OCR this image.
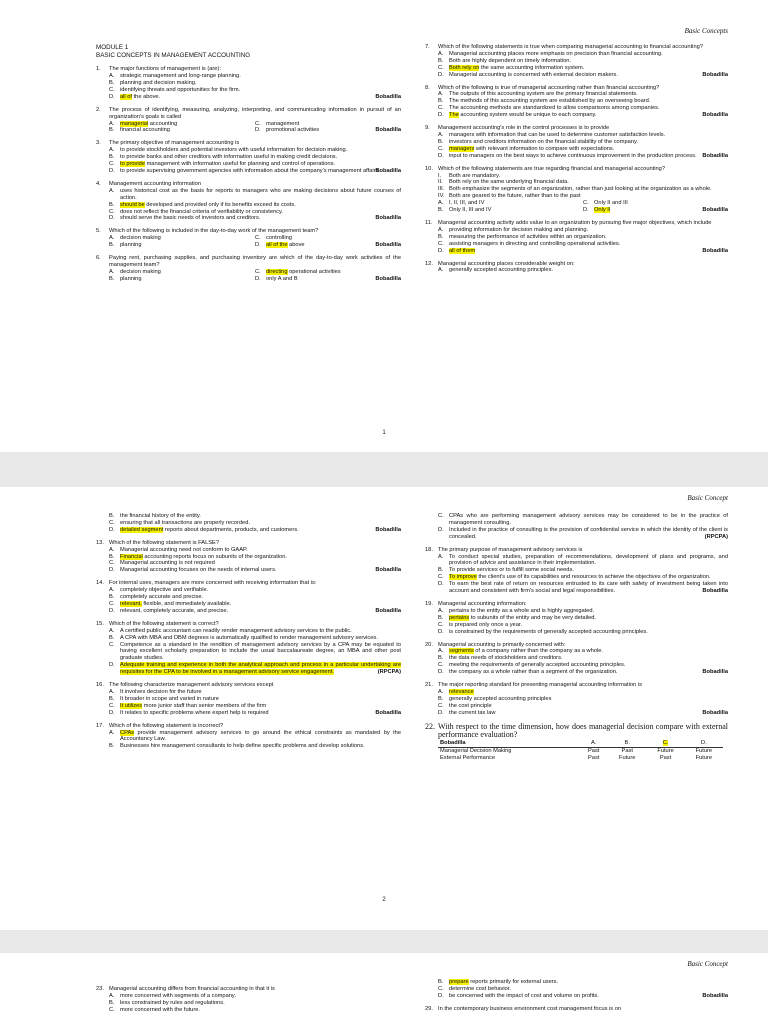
Basic Concepts
MODULE 1
BASIC CONCEPTS IN MANAGEMENT ACCOUNTING
1.	The major functions of management is (are):
A. strategic management and long-range planning.
B. planning and decision making.
C. identifying threats and opportunities for the firm.
D. all of the above.	Bobadilla
2.	The process of identifying, measuring, analyzing, interpreting, and communicating information in pursuit of an organization's goals is called
A. managerial accounting	C. management
B. financial accounting	D. promotional activities	Bobadilla
3.	The primary objective of management accounting is
A. to provide stockholders and potential investors with useful information for decision making.
B. to provide banks and other creditors with information useful in making credit decisions.
C. to provide management with information useful for planning and control of operations.
D. to provide supervising government agencies with information about the company's management affairs.
Bobadilla
4.	Management accounting information
A. uses historical cost as the basis for reports to managers who are making decisions about future courses of action.
B. should be developed and provided only if its benefits exceed its costs.
C. does not reflect the financial criteria of verifiability or consistency.
D. should serve the basic needs of investors and creditors.	Bobadilla
5.	Which of the following is included in the day-to-day work of the management team?
A. decision making	C. controlling
B. planning	D. all of the above	Bobadilla
6.	Paying rent, purchasing supplies, and purchasing inventory are which of the day-to-day work activities of the management team?
A. decision making	C. directing operational activities
B. planning	D. only A and B	Bobadilla
7.	Which of the following statements is true when comparing managerial accounting to financial accounting?
A. Managerial accounting places more emphasis on precision than financial accounting.
B. Both are highly dependent on timely information.
C. Both rely on the same accounting information system.
D. Managerial accounting is concerned with external decision makers.	Bobadilla
8.	Which of the following is true of managerial accounting rather than financial accounting?
A. The outputs of this accounting system are the primary financial statements.
B. The methods of this accounting system are established by an overseeing board.
C. The accounting methods are standardized to allow comparisons among companies.
D. The accounting system would be unique to each company.	Bobadilla
9.	Management accounting's role in the control processes is to provide
A. managers with information that can be used to determine customer satisfaction levels.
B. investors and creditors information on the financial stability of the company.
C. managers with relevant information to compare with expectations.
D. input to managers on the best ways to achieve continuous improvement in the production process.	Bobadilla
10. Which of the following statements are true regarding financial and managerial accounting?
I.	Both are mandatory.
II.	Both rely on the same underlying financial data.
III. Both emphasize the segments of an organization, rather than just looking at the organization as a whole.
IV. Both are geared to the future, rather than to the past
A. I, II, III, and IV	C. Only II and III
B. Only II, III and IV	D. Only II	Bobadilla
11. Managerial accounting activity adds value to an organization by pursuing five major objectives, which include
A. providing information for decision making and planning.
B. measuring the performance of activities within an organization.
C. assisting managers in directing and controlling operational activities.
D. all of them	Bobadilla
12. Managerial accounting places considerable weight on:
A. generally accepted accounting principles.
1
Basic Concept
B. the financial history of the entity.
C. ensuring that all transactions are properly recorded.
D. detailed segment reports about departments, products, and customers.	Bobadilla
13. Which of the following statement is FALSE?
A. Managerial accounting need not conform to GAAP.
B. Financial accounting reports focus on subunits of the organization.
C. Managerial accounting is not required
D. Managerial accounting focuses on the needs of internal users.	Bobadilla
14. For internal uses, managers are more concerned with receiving information that is:
A. completely objective and verifiable.
B. completely accurate and precise.
C. relevant, flexible, and immediately available.
D. relevant, completely accurate, and precise.	Bobadilla
15. Which of the following statement is correct?
A. A certified public accountant can readily render management advisory services to the public.
B. A CPA with MBA and DBM degrees is automatically qualified to render management advisory services.
C. Competence as a standard in the rendition of management advisory services by a CPA may be equated to having excellent scholarly preparation to include the usual baccalaureate degree, an MBA and other post graduate studies.
D. Adequate training and experience in both the analytical approach and process in a particular undertaking are requisites for the CPA to be involved in a management advisory service engagement.	(RPCPA)
16. The following characterize management advisory services except
A. It involves decision for the future
B. It broader in scope and varied in nature
C. It utilizes more junior staff than senior members of the firm
D. It relates to specific problems where expert help is required	Bobadilla
17. Which of the following statement is incorrect?
A. CPAs provide management advisory services to go around the ethical constraints as mandated by the Accountancy Law.
B. Businesses hire management consultants to help define specific problems and develop solutions.
C. CPAs who are performing management advisory services may be considered to be in the practice of management consulting.
D. Included in the practice of consulting is the provision of confidential service in which the identity of the client is concealed.	(RPCPA)
18. The primary purpose of management advisory services is
A. To conduct special studies, preparation of recommendations, development of plans and programs, and provision of advice and assistance in their implementation.
B. To provide services or to fulfill some social needs.
C. To improve the client's use of its capabilities and resources to achieve the objectives of the organization.
D. To earn the best rate of return on resources entrusted to its care with safety of investment being taken into account and consistent with firm's social and legal responsibilities.	Bobadilla
19. Managerial accounting information:
A. pertains to the entity as a whole and is highly aggregated.
B. pertains to subunits of the entity and may be very detailed.
C. is prepared only once a year.
D. is constrained by the requirements of generally accepted accounting principles.
20. Managerial accounting is primarily concerned with:
A. segments of a company rather than the company as a whole.
B. the data needs of stockholders and creditors.
C. meeting the requirements of generally accepted accounting principles.
D. the company as a whole rather than a segment of the organization.	Bobadilla
21. The major reporting standard for presenting managerial accounting information is
A. relevance
B. generally accepted accounting principles
C. the cost principle
D. the current tax law	Bobadilla
22. With respect to the time dimension, how does managerial decision compare with external performance evaluation?
Bobadilla	A.	B.	C.	D.
Managerial Decision Making	Past	Past	Future	Future
External Performance	Past	Future	Past	Future
2
Basic Concept
23. Managerial accounting differs from financial accounting in that it is
A. more concerned with segments of a company.
B. less constrained by rules and regulations.
C. more concerned with the future.
B. prepare reports primarily for external users.
C. determine cost behavior.
D. be concerned with the impact of cost and volume on profits.	Bobadilla
29. In the contemporary business environment cost management focus is on
